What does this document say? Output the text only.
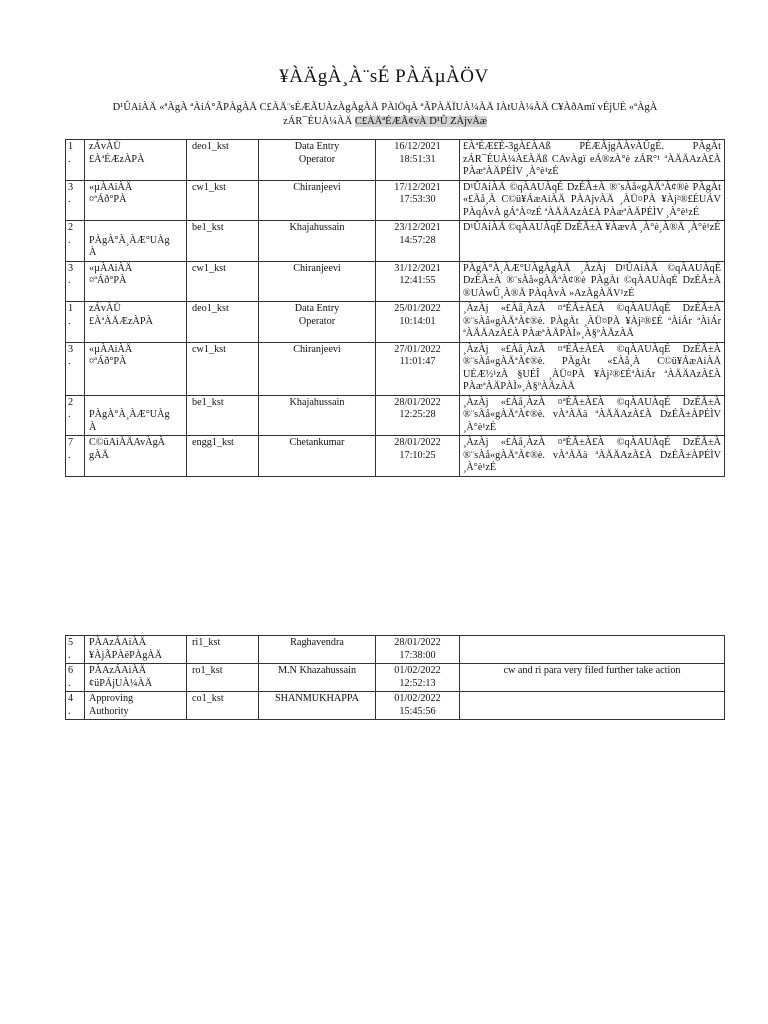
¥ÀÄgÀ¸À¨sÉ PÀÄµÀÖV
D¹ÛAiÀÄ «ªÀgÀ ªÀiÁ°ÃPÀgÀÄ C£ÀÄ¨sÉÆÃUÀzÀgÀgÀÄ PÀlÖqÀ ªÃPÀÄÏUÀ¼ÀÄ IÀtUÀ¼ÀÄ C¥ÀðAmï vÉjUÉ «ªÀgÀ
zÁR¯ÉUÀ¼ÀÄ C£ÀÄªÉÆÃ¢vÀ D¹Û ZÀjvÀæ
1
.	zÁvÀÜ
£ÀªÉÆzÀPÀ	deo1_kst	Data Entry
Operator	16/12/2021
18:51:31	£ÀªÉÆ£É-3gÀ£ÀAß PÉÆÃjgÀÀvÀÛgÉ. PÀgÀt zÁR¯ÉUÀ¼À£ÀÄß CAvÀgï eÁ®zÀ°è zÁR°¹ ªÀÄÄAzÀ£À PÀæªÀÄPÉÌV ¸À°è¹zÉ
3
.	«µÀAiÀÄ
¤ªÁð°PÀ	cw1_kst	Chiranjeevi	17/12/2021
17:53:30	D¹ÛAiÀÄ ©qÀAUÀqÉ DzÉÃ±À ®¨sÀå«gÀÄªÀ¢®è PÀgÀt «£Àå¸À C©ü¥ÁæAiÀÄ PÀAjvÀÄ ¸ÀÜ¤PÀ ¥Àj²®£ÉUÁV PÀqÀvÀ gÁªÀ¤zÉ ªÀÄÄAzÀ£À PÀæªÀÄPÉÌV ¸À°è¹zÉ
2
.	
PÀgÀ°À¸ÀÆ°UÀg
À	be1_kst	Khajahussain	23/12/2021
14:57:28	D¹ÛAiÀÄ ©qÀAUÀqÉ DzÉÃ±À ¥ÀævÀ ¸À°è¸À®Ä ¸À°è¹zÉ
3
.	«µÀAiÀÄ
¤ªÁð°PÀ	cw1_kst	Chiranjeevi	31/12/2021
12:41:55	PÀgÀ°À¸ÀÆ°UÀgÀgÀÄ ¸ÀzÀj D¹ÛAiÀÄ ©qÀAUÀqÉ DzÉÃ±À ®¨sÀå«gÀÄªÀ¢®è PÀgÀt ©qÀAUÀqÉ DzÉÃ±À ®UÀwÛ¸À®Ä PÀqÀvÀ »AzÀgÀÄV¹zÉ
1
.	zÁvÀÜ
£ÀªÀÄÆzÀPÀ	deo1_kst	Data Entry
Operator	25/01/2022
10:14:01	¸ÀzÀj «£Àå¸ÀzÀ ¤ªÉÃ±À£À ©qÀAUÀqÉ DzÉÃ±À ®¨sÀå«gÀÄªÀ¢®è. PÀgÀt ¸ÀÜ¤PÀ ¥Àj²®£É ªÀiÁr ªÀiÁr ªÀÄÄAzÀ£À PÀæªÀÄPÀÌ»¸À§ºÀÄzÀÄ
3
.	«µÀAiÀÄ
¤ªÁð°PÀ	cw1_kst	Chiranjeevi	27/01/2022
11:01:47	¸ÀzÀj «£Àå¸ÀzÀ ¤ªÉÃ±À£À ©qÀAUÀqÉ DzÉÃ±À ®¨sÀå«gÀÄªÀ¢®è. PÀgÀt «£Àå¸À C©ü¥ÁæAiÀÄ UÉÆ½¹zÀ §UÉÎ ¸ÀÜ¤PÀ ¥Àj²®£ÉªÀiÁr ªÀÄÄAzÀ£À PÀæªÀÄPÀÌ»¸À§ºÀÄzÀÄ
2
.	
PÀgÀ°À¸ÀÆ°UÀg
À	be1_kst	Khajahussain	28/01/2022
12:25:28	¸ÀzÀj «£Àå¸ÀzÀ ¤ªÉÃ±À£À ©qÀAUÀqÉ DzÉÃ±À ®¨sÀå«gÀÄªÀ¢®è. vÀªÀÄä ªÀÄÄAzÀ£À DzÉÃ±ÀPÉÌV ¸À°è¹zÉ
7
.	C©üAiÀÄAvÀgÀ
gÀÄ	engg1_kst	Chetankumar	28/01/2022
17:10:25	¸ÀzÀj «£Àå¸ÀzÀ ¤ªÉÃ±À£À ©qÀAUÀqÉ DzÉÃ±À ®¨sÀå«gÀÄªÀ¢®è. vÀªÀÄä ªÀÄÄAzÀ£À DzÉÃ±ÀPÉÌV ¸À°è¹zÉ
5
.	PÀAzÁAiÀÄ
¥ÀjÃPÀëPÀgÀÄ	ri1_kst	Raghavendra	28/01/2022
17:38:00	
6
.	PÀAzÁAiÀÄ
¢üPÁjUÀ¼ÀÄ	ro1_kst	M.N Khazahussain	01/02/2022
12:52:13	cw and ri para very filed further take action
4
.	Approving
Authority	co1_kst	SHANMUKHAPPA	01/02/2022
15:45:56	
